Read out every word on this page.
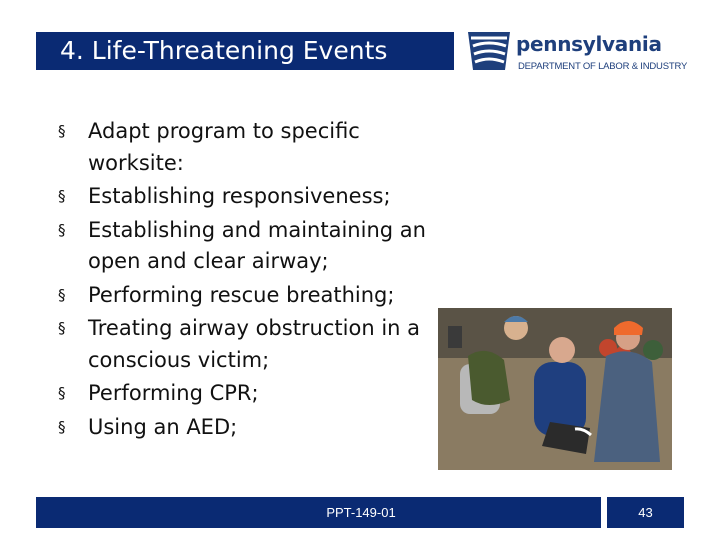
4. Life-Threatening Events	pennsylvania
DEPARTMENT OF LABOR & INDUSTRY
§ Adapt program to specific worksite:
§ Establishing responsiveness;
§ Establishing and maintaining an open and clear airway;
§ Performing rescue breathing;
§ Treating airway obstruction in a conscious victim;
§ Performing CPR;
§ Using an AED;
PPT-149-01	43
